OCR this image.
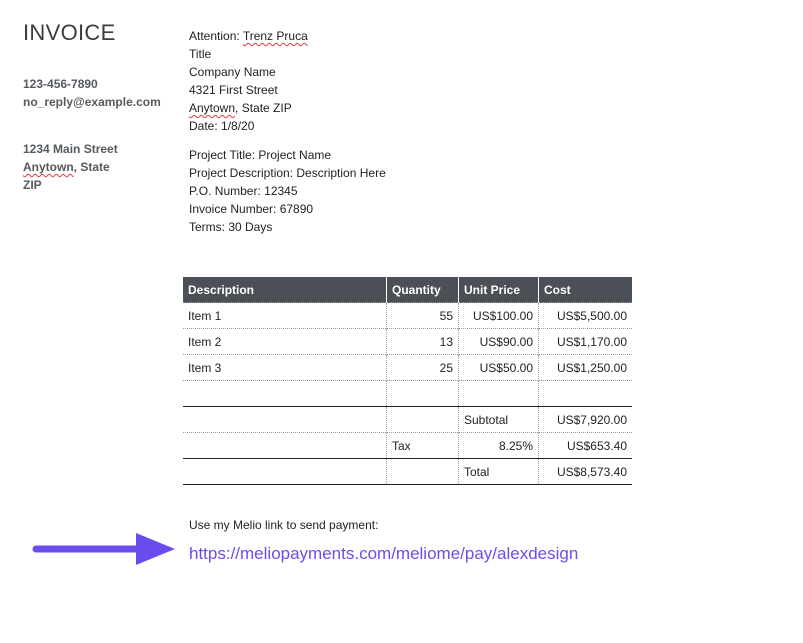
INVOICE
123-456-7890
no_reply@example.com
1234 Main Street
Anytown, State
ZIP
Attention: Trenz Pruca
Title
Company Name
4321 First Street
Anytown, State ZIP
Date: 1/8/20
Project Title: Project Name
Project Description: Description Here
P.O. Number: 12345
Invoice Number: 67890
Terms: 30 Days
Description	Quantity	Unit Price	Cost
Item 1	55	US$100.00	US$5,500.00
Item 2	13	US$90.00	US$1,170.00
Item 3	25	US$50.00	US$1,250.00

		Subtotal	US$7,920.00
	Tax	8.25%	US$653.40
		Total	US$8,573.40
Use my Melio link to send payment:
https://meliopayments.com/meliome/pay/alexdesign
